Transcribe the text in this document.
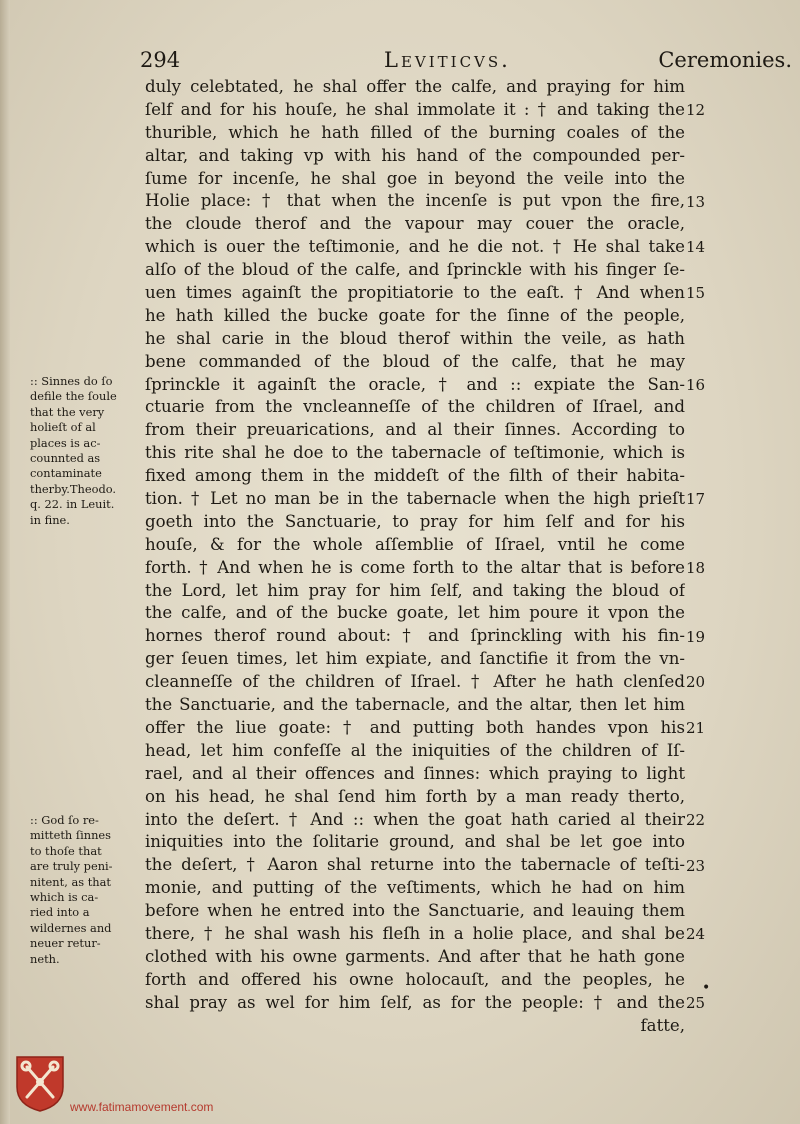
294	Leviticvs.	Ceremonies.
duly celebtated, he shal offer the calfe, and praying for him
ſelf and for his houſe, he shal immolate it : † and taking the
thurible, which he hath filled of the burning coales of the
altar, and taking vp with his hand of the compounded per-
ſume for incenſe, he shal goe in beyond the veile into the
Holie place: † that when the incenſe is put vpon the fire,
the cloude therof and the vapour may couer the oracle,
which is ouer the teſtimonie, and he die not. † He shal take
alſo of the bloud of the calfe, and ſprinckle with his finger ſe-
uen times againſt the propitiatorie to the eaſt. † And when
he hath killed the bucke goate for the ſinne of the people,
he shal carie in the bloud therof within the veile, as hath
bene commanded of the bloud of the calfe, that he may
ſprinckle it againſt the oracle, † and :: expiate the San-
ctuarie from the vncleanneſſe of the children of Iſrael, and
from their preuarications, and al their ſinnes. According to
this rite shal he doe to the tabernacle of teſtimonie, which is
fixed among them in the middeſt of the filth of their habita-
tion. † Let no man be in the tabernacle when the high prieſt
goeth into the Sanctuarie, to pray for him ſelf and for his
houſe, & for the whole aſſemblie of Iſrael, vntil he come
forth. † And when he is come forth to the altar that is before
the Lord, let him pray for him ſelf, and taking the bloud of
the calfe, and of the bucke goate, let him poure it vpon the
hornes therof round about: † and ſprinckling with his fin-
ger ſeuen times, let him expiate, and ſanctifie it from the vn-
cleanneſſe of the children of Iſrael. † After he hath clenſed
the Sanctuarie, and the tabernacle, and the altar, then let him
offer the liue goate: † and putting both handes vpon his
head, let him confeſſe al the iniquities of the children of Iſ-
rael, and al their offences and ſinnes: which praying to light
on his head, he shal ſend him forth by a man ready therto,
into the deſert. † And :: when the goat hath caried al their
iniquities into the ſolitarie ground, and shal be let goe into
the deſert, † Aaron shal returne into the tabernacle of teſti-
monie, and putting of the veſtiments, which he had on him
before when he entred into the Sanctuarie, and leauing them
there, † he shal wash his fleſh in a holie place, and shal be
clothed with his owne garments. And after that he hath gone
forth and offered his owne holocauſt, and the peoples, he
shal pray as wel for him ſelf, as for the people: † and the
fatte,
12
13
14
15
16
17
18
19
20
21
22
23
24
25
:: Sinnes do ſo
defile the ſoule
that the very
holieſt of al
places is ac-
counnted as
contaminate
therby.Theodo.
q. 22. in Leuit.
in fine.
:: God ſo re-
mitteth ſinnes
to thoſe that
are truly peni-
nitent, as that
which is ca-
ried into a
wildernes and
neuer retur-
neth.
www.fatimamovement.com
•
